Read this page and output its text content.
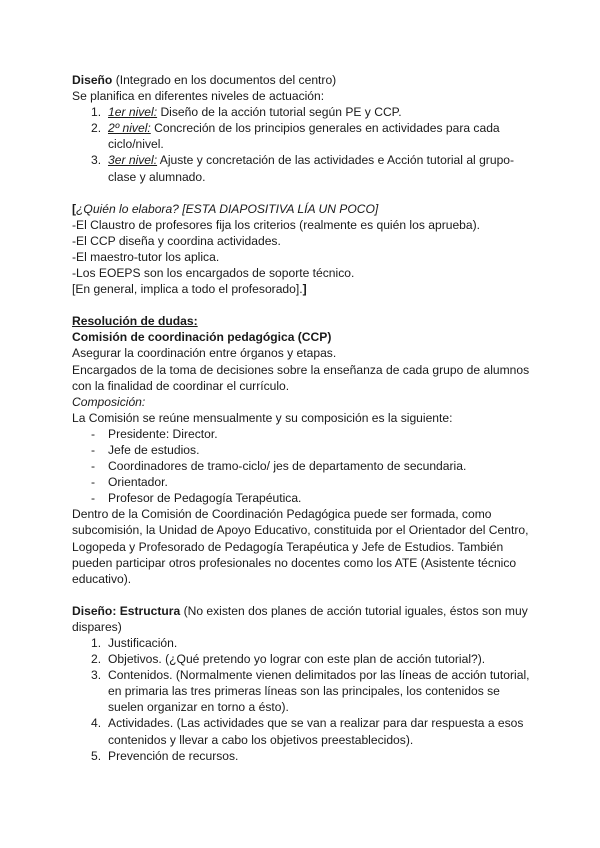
Diseño (Integrado en los documentos del centro)

Se planifica en diferentes niveles de actuación:

1. 1er nivel: Diseño de la acción tutorial según PE y CCP.
2. 2º nivel: Concreción de los principios generales en actividades para cada ciclo/nivel.
3. 3er nivel: Ajuste y concretación de las actividades e Acción tutorial al grupo-clase y alumnado.

[¿Quién lo elabora? [ESTA DIAPOSITIVA LÍA UN POCO]

-El Claustro de profesores fija los criterios (realmente es quién los aprueba).

-El CCP diseña y coordina actividades.

-El maestro-tutor los aplica.

-Los EOEPS son los encargados de soporte técnico.

[En general, implica a todo el profesorado].]

Resolución de dudas:

Comisión de coordinación pedagógica (CCP)

Asegurar la coordinación entre órganos y etapas.

Encargados de la toma de decisiones sobre la enseñanza de cada grupo de alumnos con la finalidad de coordinar el currículo.

Composición:

La Comisión se reúne mensualmente y su composición es la siguiente:

- Presidente: Director.
- Jefe de estudios.
- Coordinadores de tramo-ciclo/ jes de departamento de secundaria.
- Orientador.
- Profesor de Pedagogía Terapéutica.

Dentro de la Comisión de Coordinación Pedagógica puede ser formada, como subcomisión, la Unidad de Apoyo Educativo, constituida por el Orientador del Centro, Logopeda y Profesorado de Pedagogía Terapéutica y Jefe de Estudios. También pueden participar otros profesionales no docentes como los ATE (Asistente técnico educativo).

Diseño: Estructura (No existen dos planes de acción tutorial iguales, éstos son muy dispares)

1. Justificación.
2. Objetivos. (¿Qué pretendo yo lograr con este plan de acción tutorial?).
3. Contenidos. (Normalmente vienen delimitados por las líneas de acción tutorial, en primaria las tres primeras líneas son las principales, los contenidos se suelen organizar en torno a ésto).
4. Actividades. (Las actividades que se van a realizar para dar respuesta a esos contenidos y llevar a cabo los objetivos preestablecidos).
5. Prevención de recursos.
